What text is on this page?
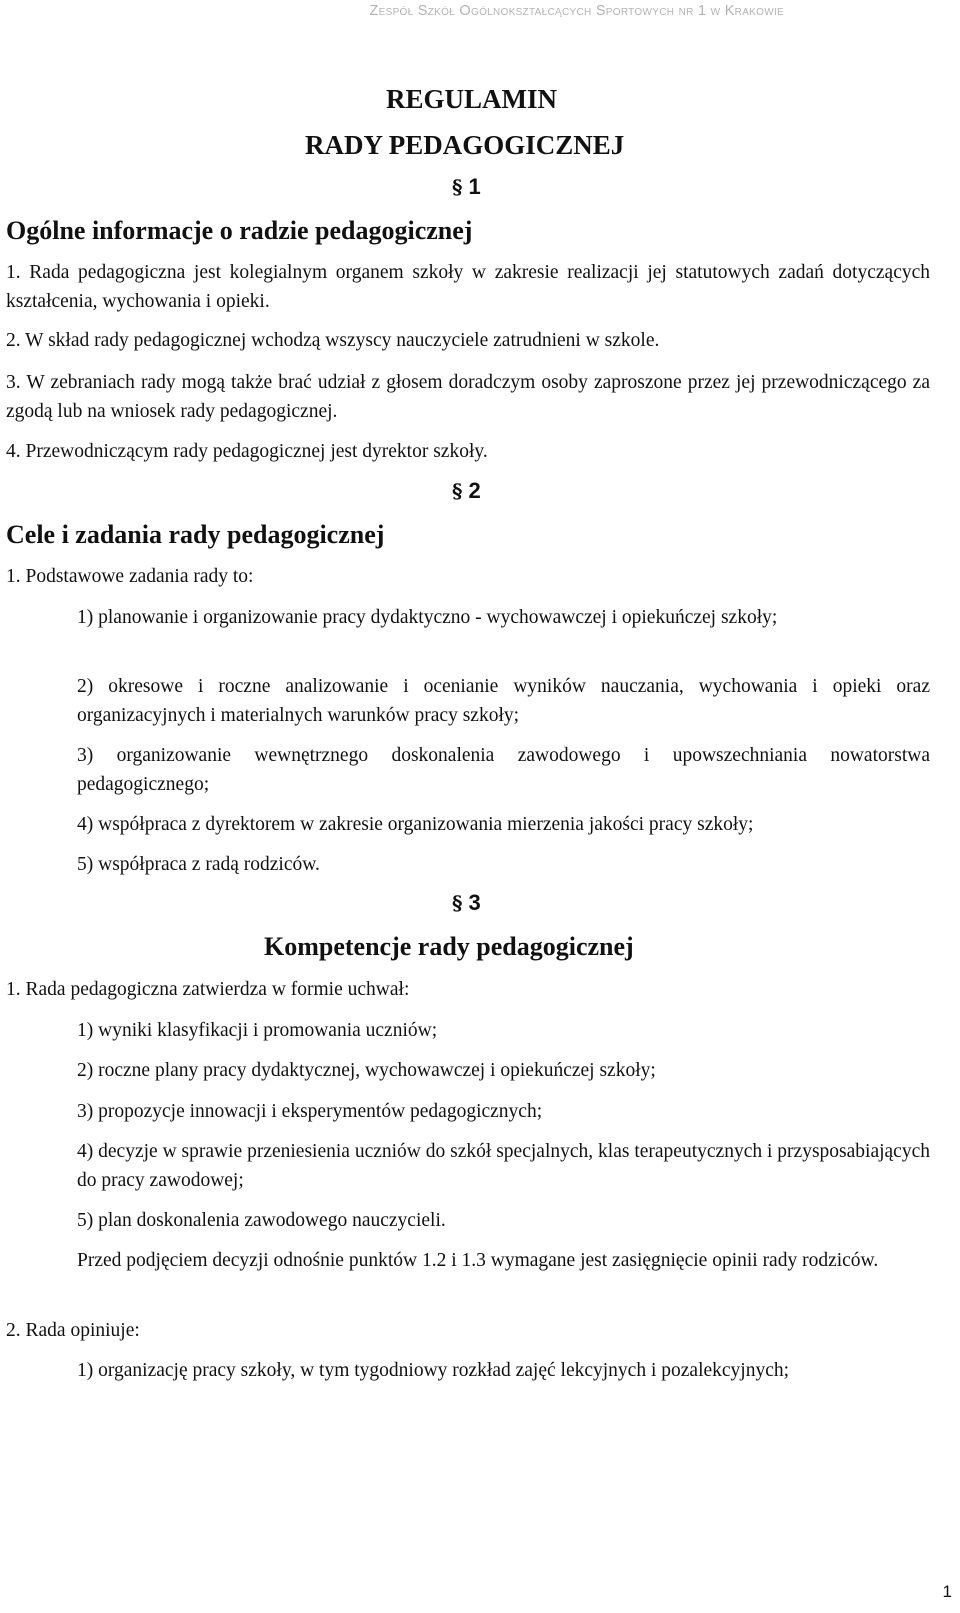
Zespół Szkół Ogólnokształcących Sportowych nr 1 w Krakowie
REGULAMIN
RADY PEDAGOGICZNEJ
§ 1
Ogólne informacje o radzie pedagogicznej
1. Rada pedagogiczna jest kolegialnym organem szkoły w zakresie realizacji jej statutowych zadań dotyczących kształcenia, wychowania i opieki.
2. W skład rady pedagogicznej wchodzą wszyscy nauczyciele zatrudnieni w szkole.
3. W zebraniach rady mogą także brać udział z głosem doradczym osoby zaproszone przez jej przewodniczącego za zgodą lub na wniosek rady pedagogicznej.
4. Przewodniczącym rady pedagogicznej jest dyrektor szkoły.
§ 2
Cele i zadania rady pedagogicznej
1. Podstawowe zadania rady to:
1) planowanie i organizowanie pracy dydaktyczno - wychowawczej i opiekuńczej szkoły;
2) okresowe i roczne analizowanie i ocenianie wyników nauczania, wychowania i opieki oraz organizacyjnych i materialnych warunków pracy szkoły;
3) organizowanie wewnętrznego doskonalenia zawodowego i upowszechniania nowatorstwa pedagogicznego;
4) współpraca z dyrektorem w zakresie organizowania mierzenia jakości pracy szkoły;
5) współpraca z radą rodziców.
§ 3
Kompetencje rady pedagogicznej
1. Rada pedagogiczna zatwierdza w formie uchwał:
1) wyniki klasyfikacji i promowania uczniów;
2) roczne plany pracy dydaktycznej, wychowawczej i opiekuńczej szkoły;
3) propozycje innowacji i eksperymentów pedagogicznych;
4) decyzje w sprawie przeniesienia uczniów do szkół specjalnych, klas terapeutycznych i przysposabiających do pracy zawodowej;
5) plan doskonalenia zawodowego nauczycieli.
Przed podjęciem decyzji odnośnie punktów 1.2 i 1.3 wymagane jest zasięgnięcie opinii rady rodziców.
2. Rada opiniuje:
1) organizację pracy szkoły, w tym tygodniowy rozkład zajęć lekcyjnych i pozalekcyjnych;
1
